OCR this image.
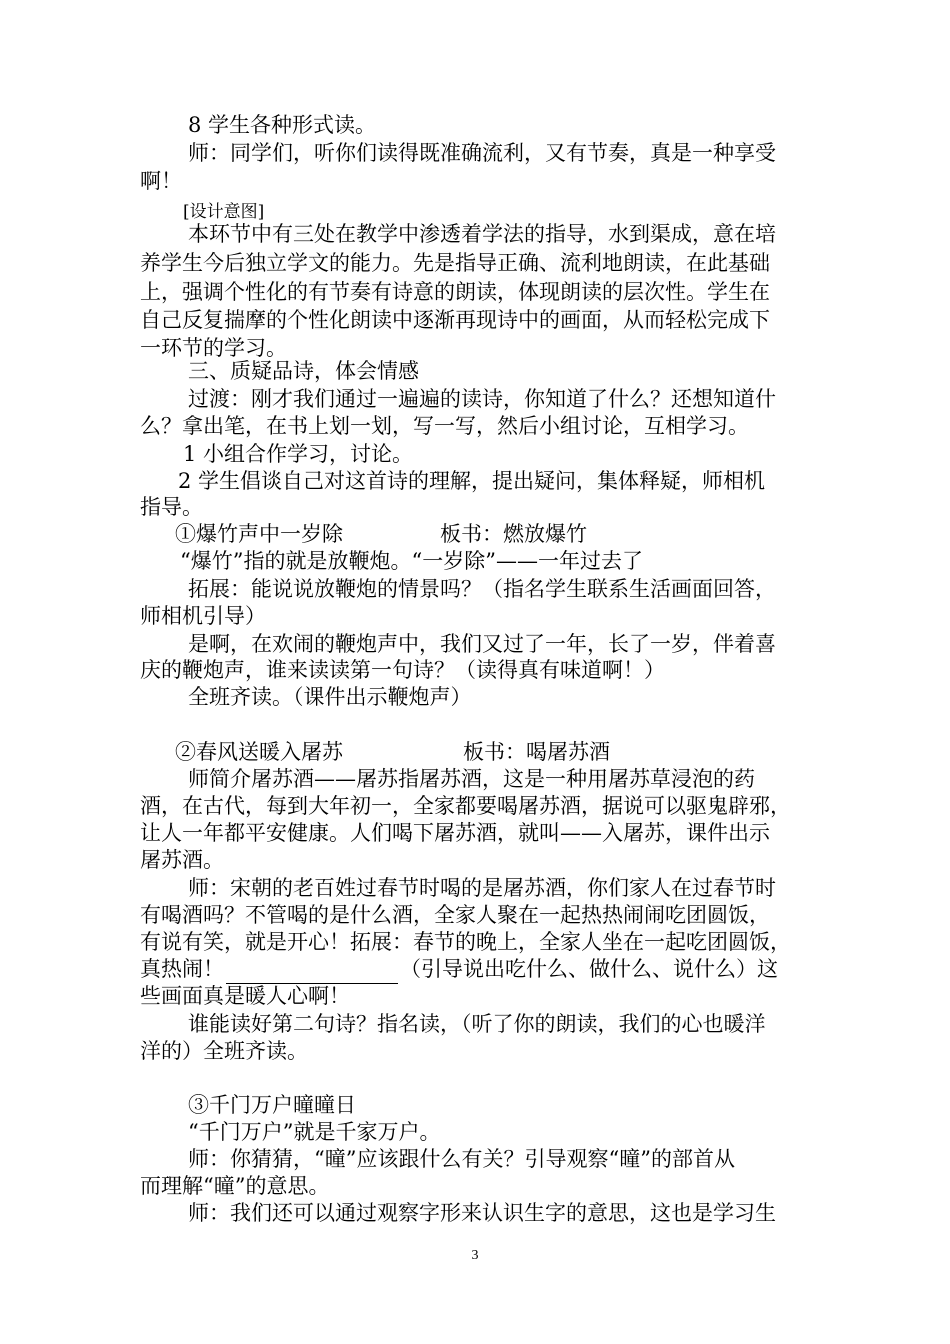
8 学生各种形式读。
师：同学们，听你们读得既准确流利，又有节奏，真是一种享受
啊！
[设计意图]
本环节中有三处在教学中渗透着学法的指导，水到渠成，意在培
养学生今后独立学文的能力。先是指导正确、流利地朗读，在此基础
上，强调个性化的有节奏有诗意的朗读，体现朗读的层次性。学生在
自己反复揣摩的个性化朗读中逐渐再现诗中的画面，从而轻松完成下
一环节的学习。
三、质疑品诗，体会情感
过渡：刚才我们通过一遍遍的读诗，你知道了什么？还想知道什
么？拿出笔，在书上划一划，写一写，然后小组讨论，互相学习。
1 小组合作学习，讨论。
2 学生倡谈自己对这首诗的理解，提出疑问，集体释疑，师相机
指导。
①爆竹声中一岁除	板书：燃放爆竹
“爆竹”指的就是放鞭炮。“一岁除”——一年过去了
拓展：能说说放鞭炮的情景吗？（指名学生联系生活画面回答，
师相机引导）
是啊，在欢闹的鞭炮声中，我们又过了一年，长了一岁，伴着喜
庆的鞭炮声，谁来读读第一句诗？（读得真有味道啊！）
全班齐读。（课件出示鞭炮声）
②春风送暖入屠苏	板书：喝屠苏酒
师简介屠苏酒——屠苏指屠苏酒，这是一种用屠苏草浸泡的药
酒，在古代，每到大年初一，全家都要喝屠苏酒，据说可以驱鬼辟邪，
让人一年都平安健康。人们喝下屠苏酒，就叫——入屠苏，课件出示
屠苏酒。
师：宋朝的老百姓过春节时喝的是屠苏酒，你们家人在过春节时
有喝酒吗？不管喝的是什么酒，全家人聚在一起热热闹闹吃团圆饭，
有说有笑，就是开心！拓展：春节的晚上，全家人坐在一起吃团圆饭，
真热闹！	（引导说出吃什么、做什么、说什么）这
些画面真是暖人心啊！
谁能读好第二句诗？指名读，（听了你的朗读，我们的心也暖洋
洋的）全班齐读。
③千门万户曈曈日
“千门万户”就是千家万户。
师：你猜猜，“曈”应该跟什么有关？引导观察“曈”的部首从
而理解“曈”的意思。
师：我们还可以通过观察字形来认识生字的意思，这也是学习生
3
